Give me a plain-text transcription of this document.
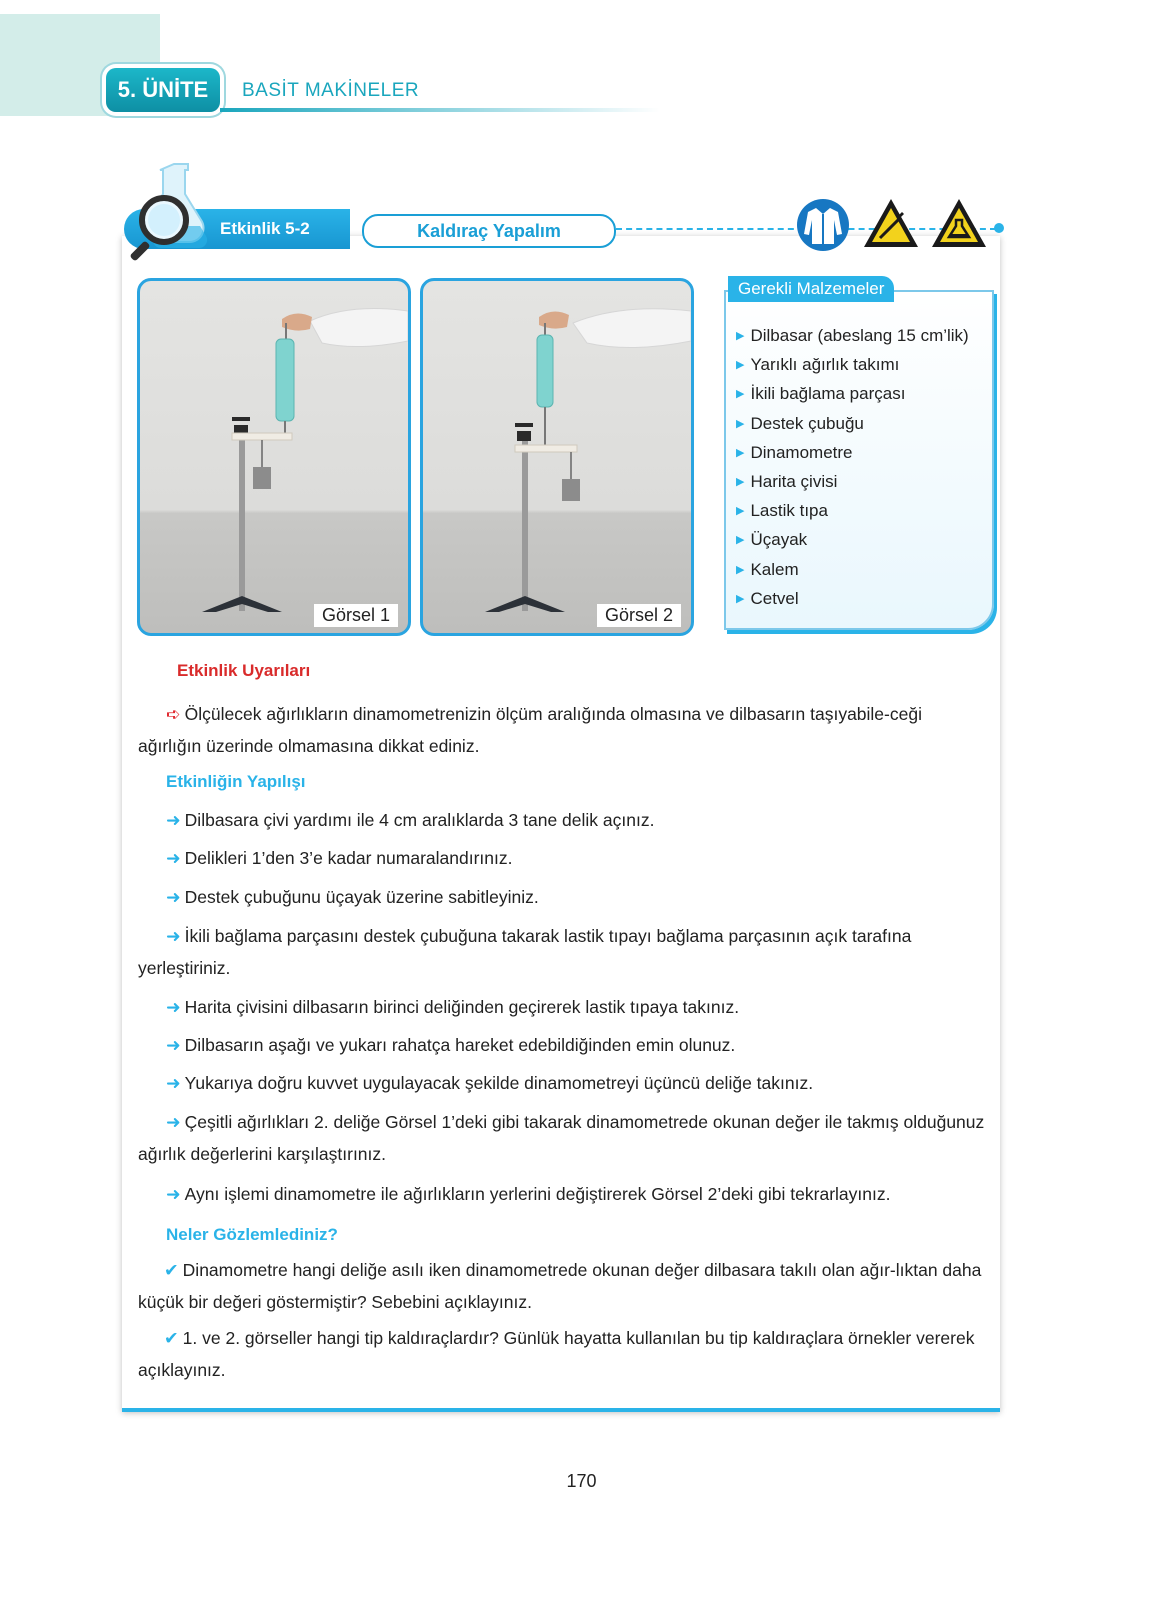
5. ÜNİTE	BASİT MAKİNELER
Etkinlik 5-2	Kaldıraç Yapalım
Görsel 1	Görsel 2
Gerekli Malzemeler
▶ Dilbasar (abeslang 15 cm’lik)
▶ Yarıklı ağırlık takımı
▶ İkili bağlama parçası
▶ Destek çubuğu
▶ Dinamometre
▶ Harita çivisi
▶ Lastik tıpa
▶ Üçayak
▶ Kalem
▶ Cetvel
Etkinlik Uyarıları
➪ Ölçülecek ağırlıkların dinamometrenizin ölçüm aralığında olmasına ve dilbasarın taşıyabile-ceği ağırlığın üzerinde olmamasına dikkat ediniz.
Etkinliğin Yapılışı
➜ Dilbasara çivi yardımı ile 4 cm aralıklarda 3 tane delik açınız.
➜ Delikleri 1’den 3’e kadar numaralandırınız.
➜ Destek çubuğunu üçayak üzerine sabitleyiniz.
➜ İkili bağlama parçasını destek çubuğuna takarak lastik tıpayı bağlama parçasının açık tarafına yerleştiriniz.
➜ Harita çivisini dilbasarın birinci deliğinden geçirerek lastik tıpaya takınız.
➜ Dilbasarın aşağı ve yukarı rahatça hareket edebildiğinden emin olunuz.
➜ Yukarıya doğru kuvvet uygulayacak şekilde dinamometreyi üçüncü deliğe takınız.
➜ Çeşitli ağırlıkları 2. deliğe Görsel 1’deki gibi takarak dinamometrede okunan değer ile takmış olduğunuz ağırlık değerlerini karşılaştırınız.
➜ Aynı işlemi dinamometre ile ağırlıkların yerlerini değiştirerek Görsel 2’deki gibi tekrarlayınız.
Neler Gözlemlediniz?
✔ Dinamometre hangi deliğe asılı iken dinamometrede okunan değer dilbasara takılı olan ağır-lıktan daha küçük bir değeri göstermiştir? Sebebini açıklayınız.
✔ 1. ve 2. görseller hangi tip kaldıraçlardır? Günlük hayatta kullanılan bu tip kaldıraçlara örnekler vererek açıklayınız.
170
